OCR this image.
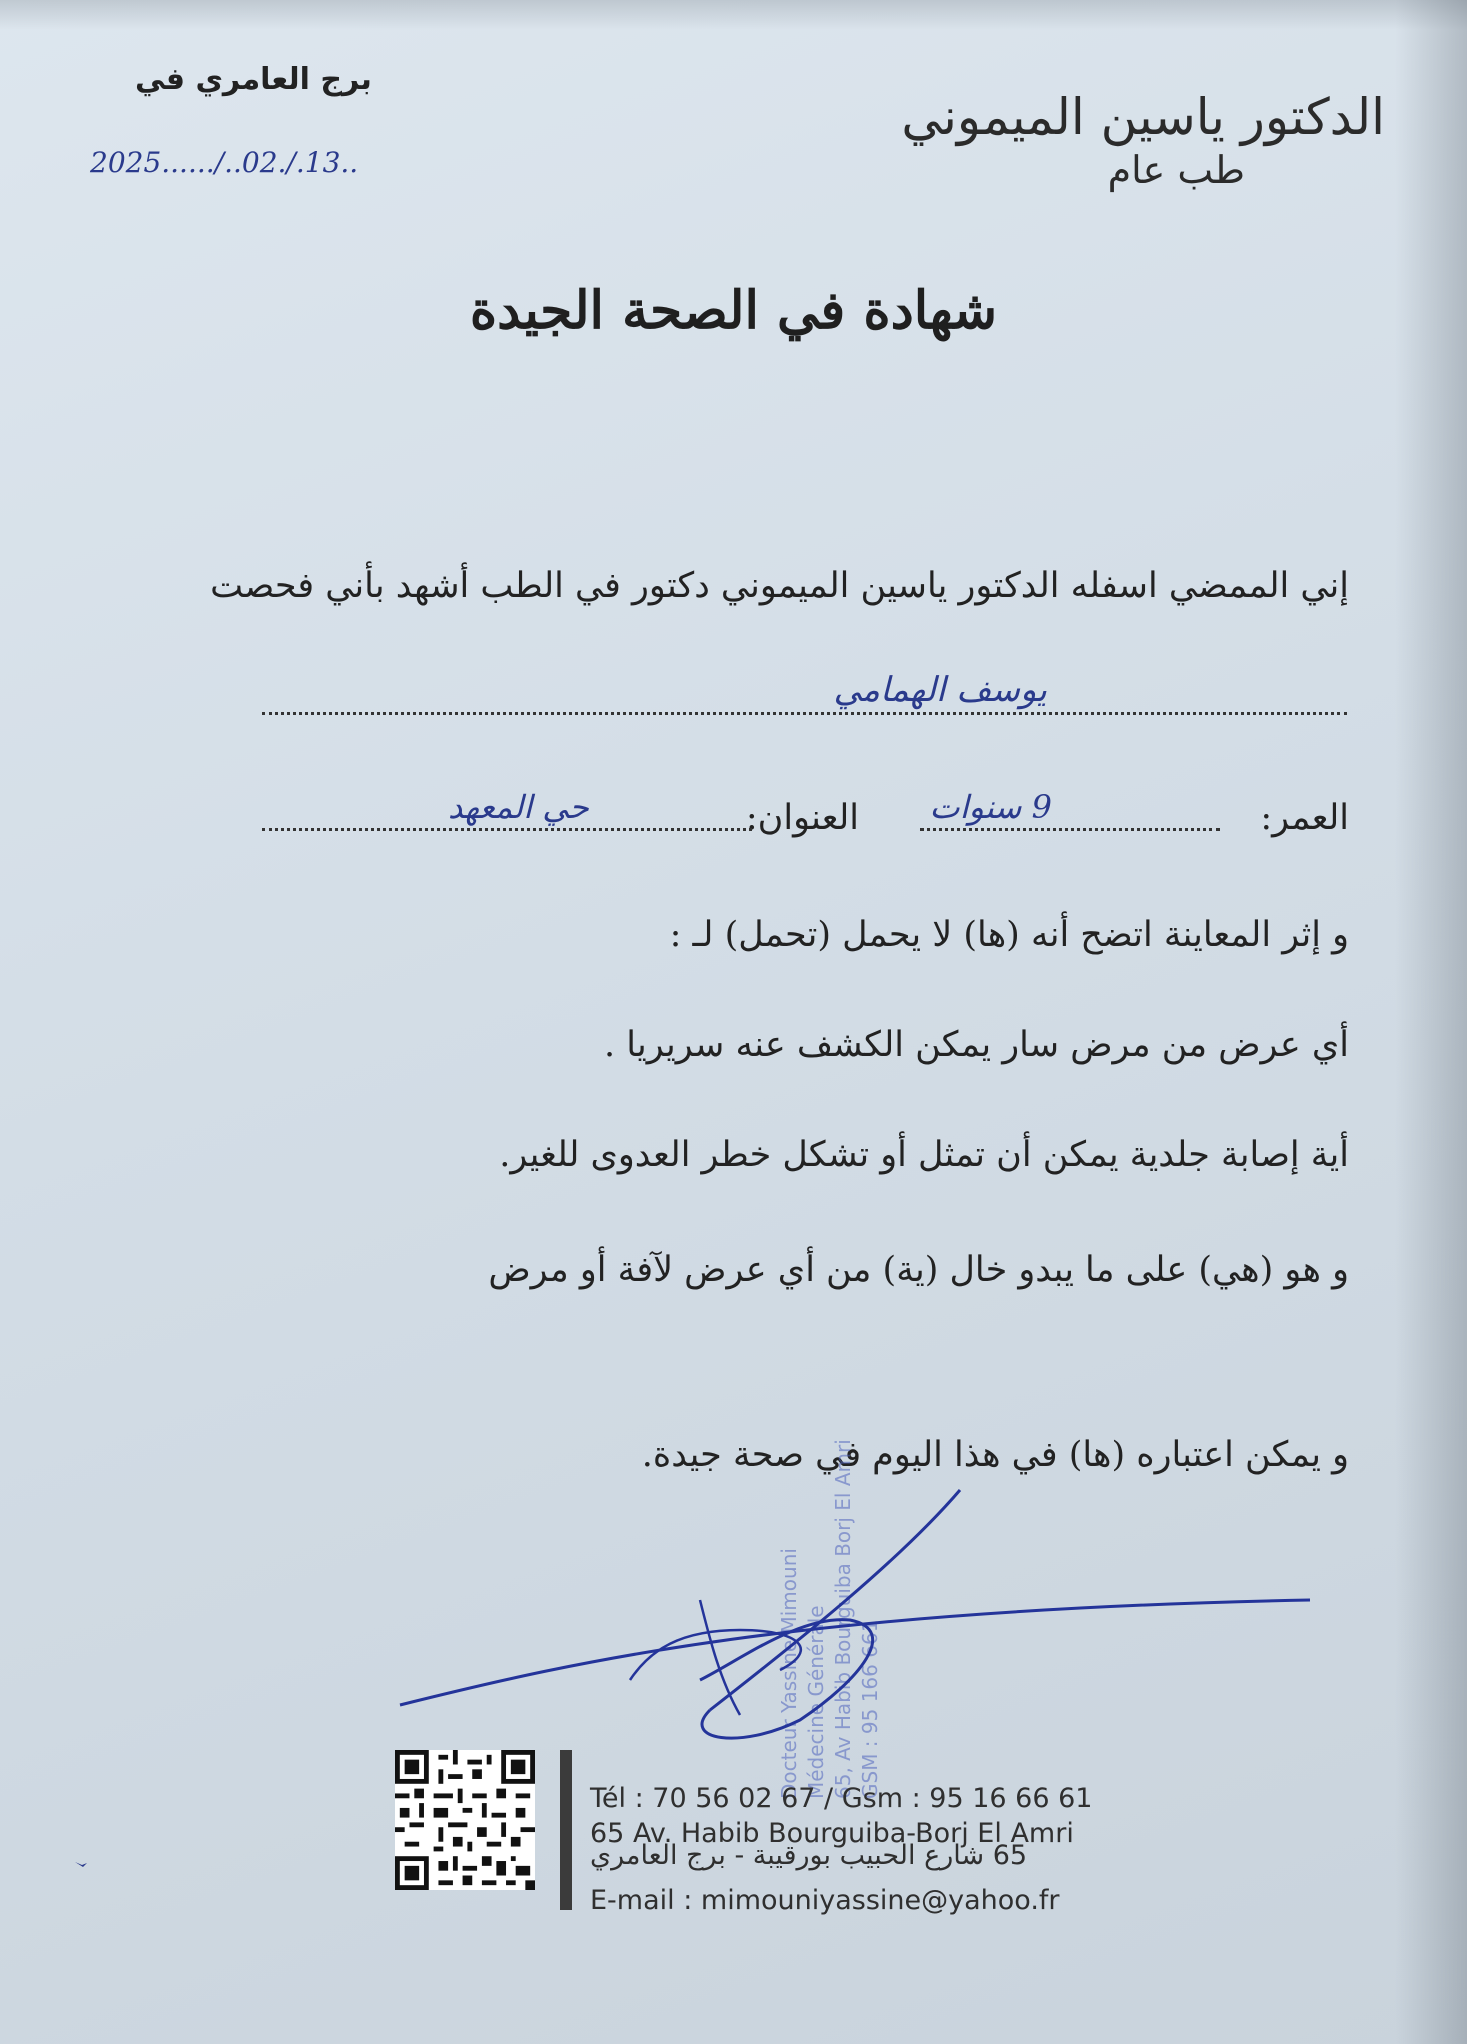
الدكتور ياسين الميموني
طب عام
برج العامري في
2025....../..02./.13..
شهادة في الصحة الجيدة
إني الممضي اسفله الدكتور ياسين الميموني دكتور في الطب أشهد بأني فحصت
يوسف الهمامي
العمر:
9 سنوات
العنوان:
حي المعهد
و إثر المعاينة اتضح أنه (ها) لا يحمل (تحمل) لـ :
أي عرض من مرض سار يمكن الكشف عنه سريريا .
أية إصابة جلدية يمكن أن تمثل أو تشكل خطر العدوى للغير.
و هو (هي) على ما يبدو خال (ية) من أي عرض لآفة أو مرض
و يمكن اعتباره (ها) في هذا اليوم في صحة جيدة.
Docteur Yassine Mimouni Médecine Générale 65, Av Habib Bourguiba Borj El Amri GSM : 95 166 661
Tél : 70 56 02 67 / Gsm : 95 16 66 61
65 Av. Habib Bourguiba-Borj El Amri
65 شارع الحبيب بورقيبة - برج العامري
E-mail : mimouniyassine@yahoo.fr
